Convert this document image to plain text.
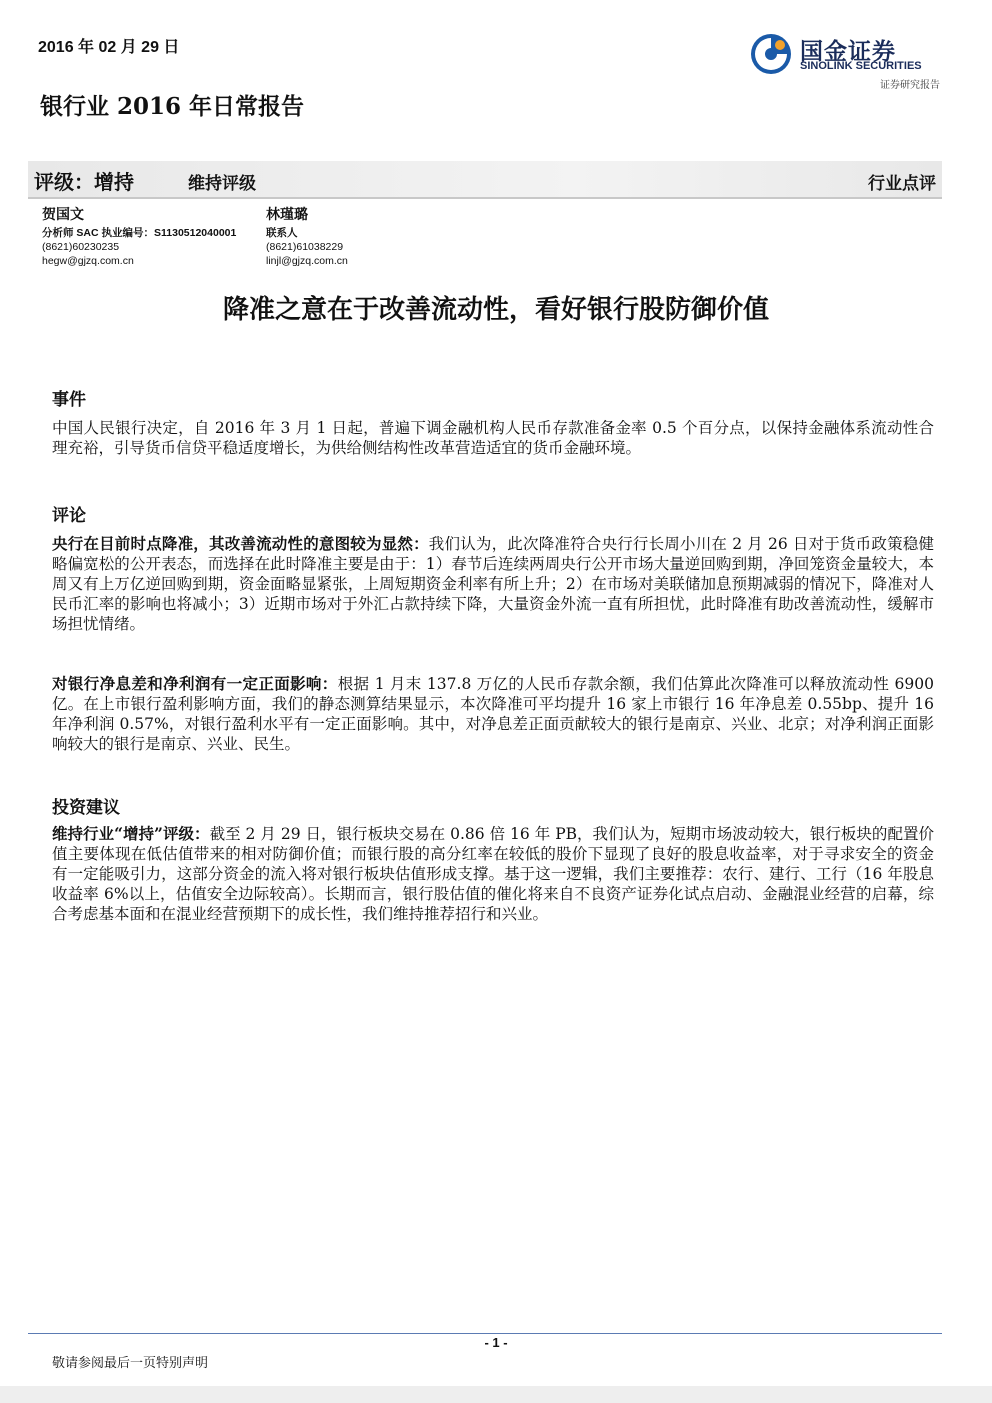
2016 年 02 月 29 日	国金证券
SINOLINK SECURITIES
证券研究报告
银行业 2016 年日常报告
评级：增持	维持评级	行业点评
贺国文
分析师 SAC 执业编号：S1130512040001
(8621)60230235
hegw@gjzq.com.cn
林瑾璐
联系人
(8621)61038229
linjl@gjzq.com.cn
降准之意在于改善流动性，看好银行股防御价值
事件
中国人民银行决定，自 2016 年 3 月 1 日起，普遍下调金融机构人民币存款准备金率 0.5 个百分点，以保持金融体系流动性合理充裕，引导货币信贷平稳适度增长，为供给侧结构性改革营造适宜的货币金融环境。
评论
央行在目前时点降准，其改善流动性的意图较为显然：我们认为，此次降准符合央行行长周小川在 2 月 26 日对于货币政策稳健略偏宽松的公开表态，而选择在此时降准主要是由于：1）春节后连续两周央行公开市场大量逆回购到期，净回笼资金量较大，本周又有上万亿逆回购到期，资金面略显紧张，上周短期资金利率有所上升；2）在市场对美联储加息预期减弱的情况下，降准对人民币汇率的影响也将减小；3）近期市场对于外汇占款持续下降，大量资金外流一直有所担忧，此时降准有助改善流动性，缓解市场担忧情绪。
对银行净息差和净利润有一定正面影响：根据 1 月末 137.8 万亿的人民币存款余额，我们估算此次降准可以释放流动性 6900 亿。在上市银行盈利影响方面，我们的静态测算结果显示，本次降准可平均提升 16 家上市银行 16 年净息差 0.55bp、提升 16 年净利润 0.57%，对银行盈利水平有一定正面影响。其中，对净息差正面贡献较大的银行是南京、兴业、北京；对净利润正面影响较大的银行是南京、兴业、民生。
投资建议
维持行业“增持”评级：截至 2 月 29 日，银行板块交易在 0.86 倍 16 年 PB，我们认为，短期市场波动较大，银行板块的配置价值主要体现在低估值带来的相对防御价值；而银行股的高分红率在较低的股价下显现了良好的股息收益率，对于寻求安全的资金有一定能吸引力，这部分资金的流入将对银行板块估值形成支撑。基于这一逻辑，我们主要推荐：农行、建行、工行（16 年股息收益率 6%以上，估值安全边际较高）。长期而言，银行股估值的催化将来自不良资产证券化试点启动、金融混业经营的启幕，综合考虑基本面和在混业经营预期下的成长性，我们维持推荐招行和兴业。
- 1 -
敬请参阅最后一页特别声明
